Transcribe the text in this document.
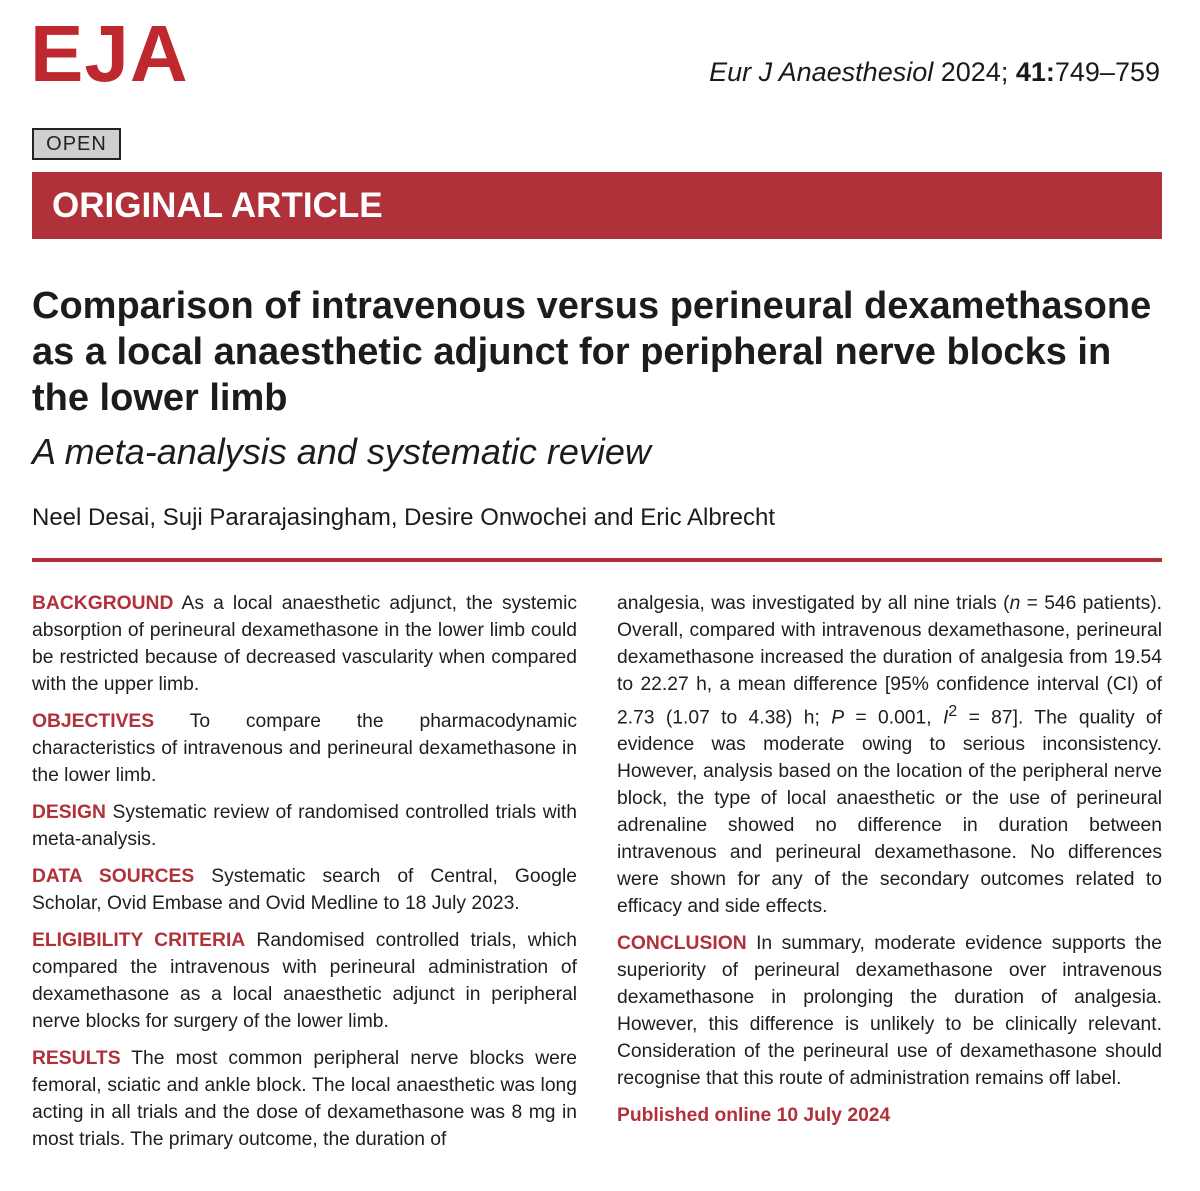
EJA	Eur J Anaesthesiol 2024; 41:749–759
OPEN
ORIGINAL ARTICLE
Comparison of intravenous versus perineural dexamethasone as a local anaesthetic adjunct for peripheral nerve blocks in the lower limb
A meta-analysis and systematic review
Neel Desai, Suji Pararajasingham, Desire Onwochei and Eric Albrecht

BACKGROUND As a local anaesthetic adjunct, the systemic absorption of perineural dexamethasone in the lower limb could be restricted because of decreased vascularity when compared with the upper limb.

OBJECTIVES To compare the pharmacodynamic characteristics of intravenous and perineural dexamethasone in the lower limb.

DESIGN Systematic review of randomised controlled trials with meta-analysis.

DATA SOURCES Systematic search of Central, Google Scholar, Ovid Embase and Ovid Medline to 18 July 2023.

ELIGIBILITY CRITERIA Randomised controlled trials, which compared the intravenous with perineural administration of dexamethasone as a local anaesthetic adjunct in peripheral nerve blocks for surgery of the lower limb.

RESULTS The most common peripheral nerve blocks were femoral, sciatic and ankle block. The local anaesthetic was long acting in all trials and the dose of dexamethasone was 8 mg in most trials. The primary outcome, the duration of

analgesia, was investigated by all nine trials (n = 546 patients). Overall, compared with intravenous dexamethasone, perineural dexamethasone increased the duration of analgesia from 19.54 to 22.27 h, a mean difference [95% confidence interval (CI) of 2.73 (1.07 to 4.38) h; P = 0.001, $I^2 = 87$]. The quality of evidence was moderate owing to serious inconsistency. However, analysis based on the location of the peripheral nerve block, the type of local anaesthetic or the use of perineural adrenaline showed no difference in duration between intravenous and perineural dexamethasone. No differences were shown for any of the secondary outcomes related to efficacy and side effects.

CONCLUSION In summary, moderate evidence supports the superiority of perineural dexamethasone over intravenous dexamethasone in prolonging the duration of analgesia. However, this difference is unlikely to be clinically relevant. Consideration of the perineural use of dexamethasone should recognise that this route of administration remains off label.

Published online 10 July 2024
